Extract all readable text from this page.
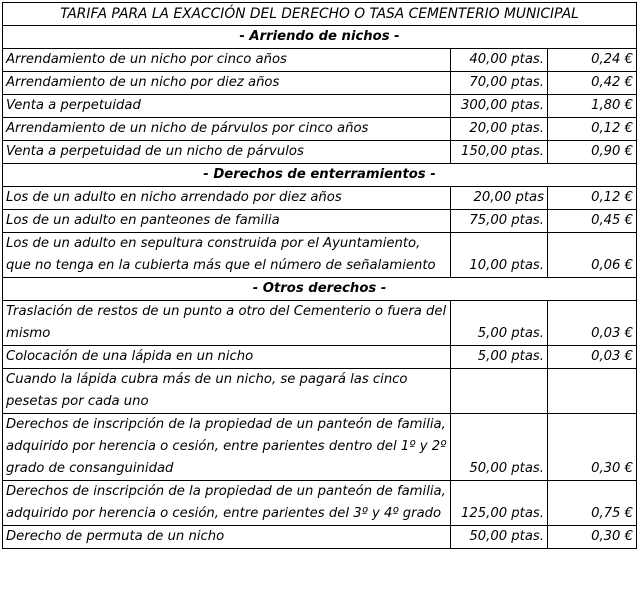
TARIFA PARA LA EXACCIÓN DEL DERECHO O TASA CEMENTERIO MUNICIPAL		
- Arriendo de nichos -		
Arrendamiento de un nicho por cinco años	40,00 ptas.	0,24 €
Arrendamiento de un nicho por diez años	70,00 ptas.	0,42 €
Venta a perpetuidad	300,00 ptas.	1,80 €
Arrendamiento de un nicho de párvulos por cinco años	20,00 ptas.	0,12 €
Venta a perpetuidad de un nicho de párvulos	150,00 ptas.	0,90 €
- Derechos de enterramientos -		
Los de un adulto en nicho arrendado por diez años	20,00 ptas	0,12 €
Los de un adulto en panteones de familia	75,00 ptas.	0,45 €
Los de un adulto en sepultura construida por el Ayuntamiento, que no tenga en la cubierta más que el número de señalamiento	10,00 ptas.	0,06 €
- Otros derechos -		
Traslación de restos de un punto a otro del Cementerio o fuera del mismo	5,00 ptas.	0,03 €
Colocación de una lápida en un nicho	5,00 ptas.	0,03 €
Cuando la lápida cubra más de un nicho, se pagará las cinco pesetas por cada uno		
Derechos de inscripción de la propiedad de un panteón de familia, adquirido por herencia o cesión, entre parientes dentro del 1º y 2º grado de consanguinidad	50,00 ptas.	0,30 €
Derechos de inscripción de la propiedad de un panteón de familia, adquirido por herencia o cesión, entre parientes del 3º y 4º grado	125,00 ptas.	0,75 €
Derecho de permuta de un nicho	50,00 ptas.	0,30 €
